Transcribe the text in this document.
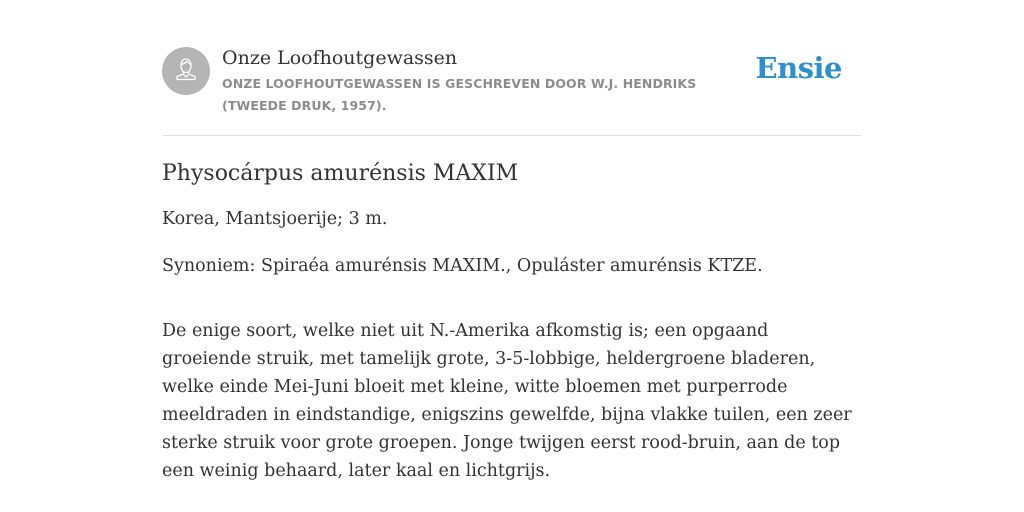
Onze Loofhoutgewassen
ONZE LOOFHOUTGEWASSEN IS GESCHREVEN DOOR W.J. HENDRIKS (TWEEDE DRUK, 1957).
Ensie
Physocárpus amurénsis MAXIM

Korea, Mantsjoerije; 3 m.

Synoniem: Spiraéa amurénsis MAXIM., Opuláster amurénsis KTZE.

De enige soort, welke niet uit N.-Amerika afkomstig is; een opgaand groeiende struik, met tamelijk grote, 3-5-lobbige, heldergroene bladeren, welke einde Mei-Juni bloeit met kleine, witte bloemen met purperrode meeldraden in eindstandige, enigszins gewelfde, bijna vlakke tuilen, een zeer sterke struik voor grote groepen. Jonge twijgen eerst rood-bruin, aan de top een weinig behaard, later kaal en lichtgrijs.
